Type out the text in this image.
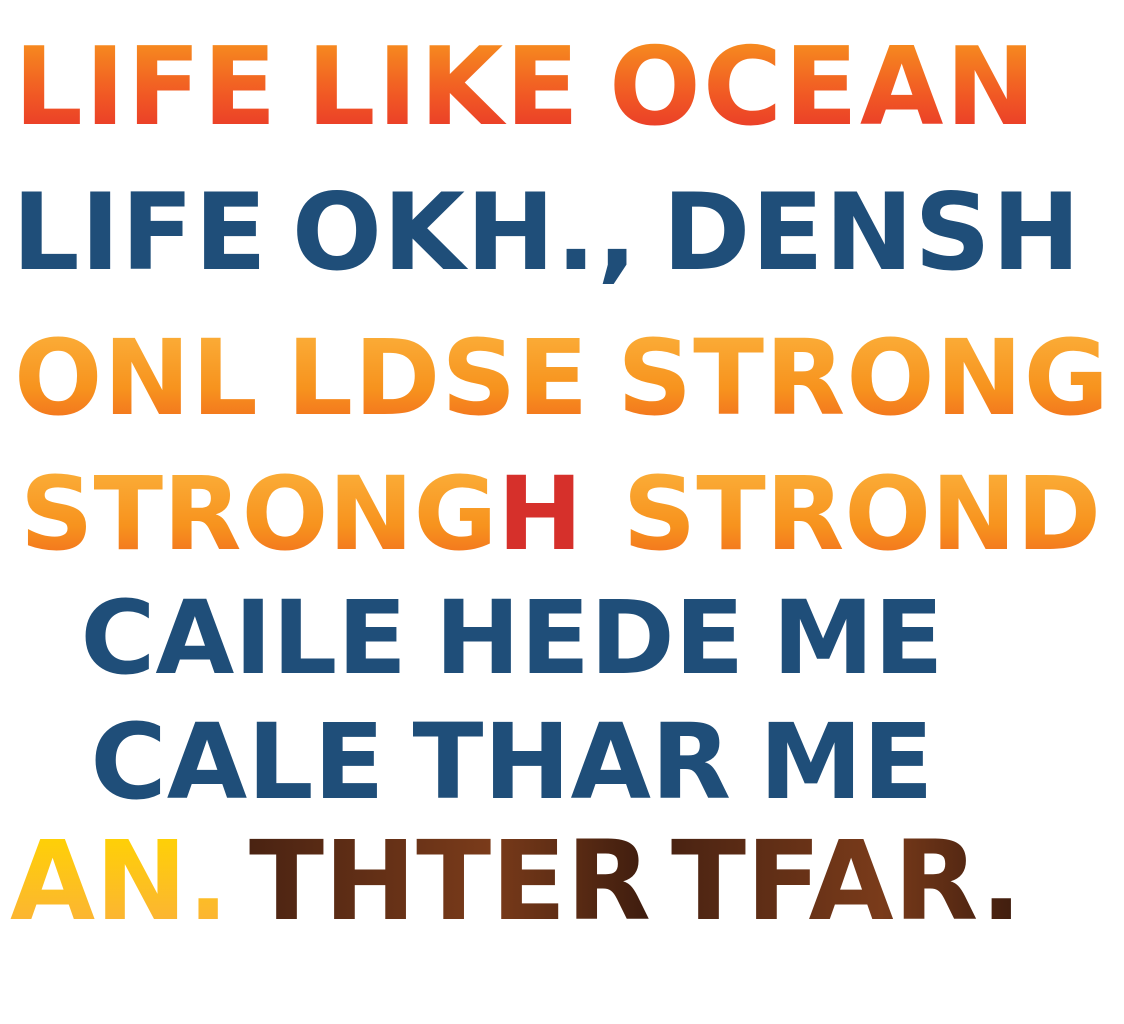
LIFE LIKE OCEAN
LIFE OKH., DENSH
ONL LDSE STRONG
STRONGH STROND
CAILE HEDE ME
CALE THAR ME
AN. THTER TFAR.
